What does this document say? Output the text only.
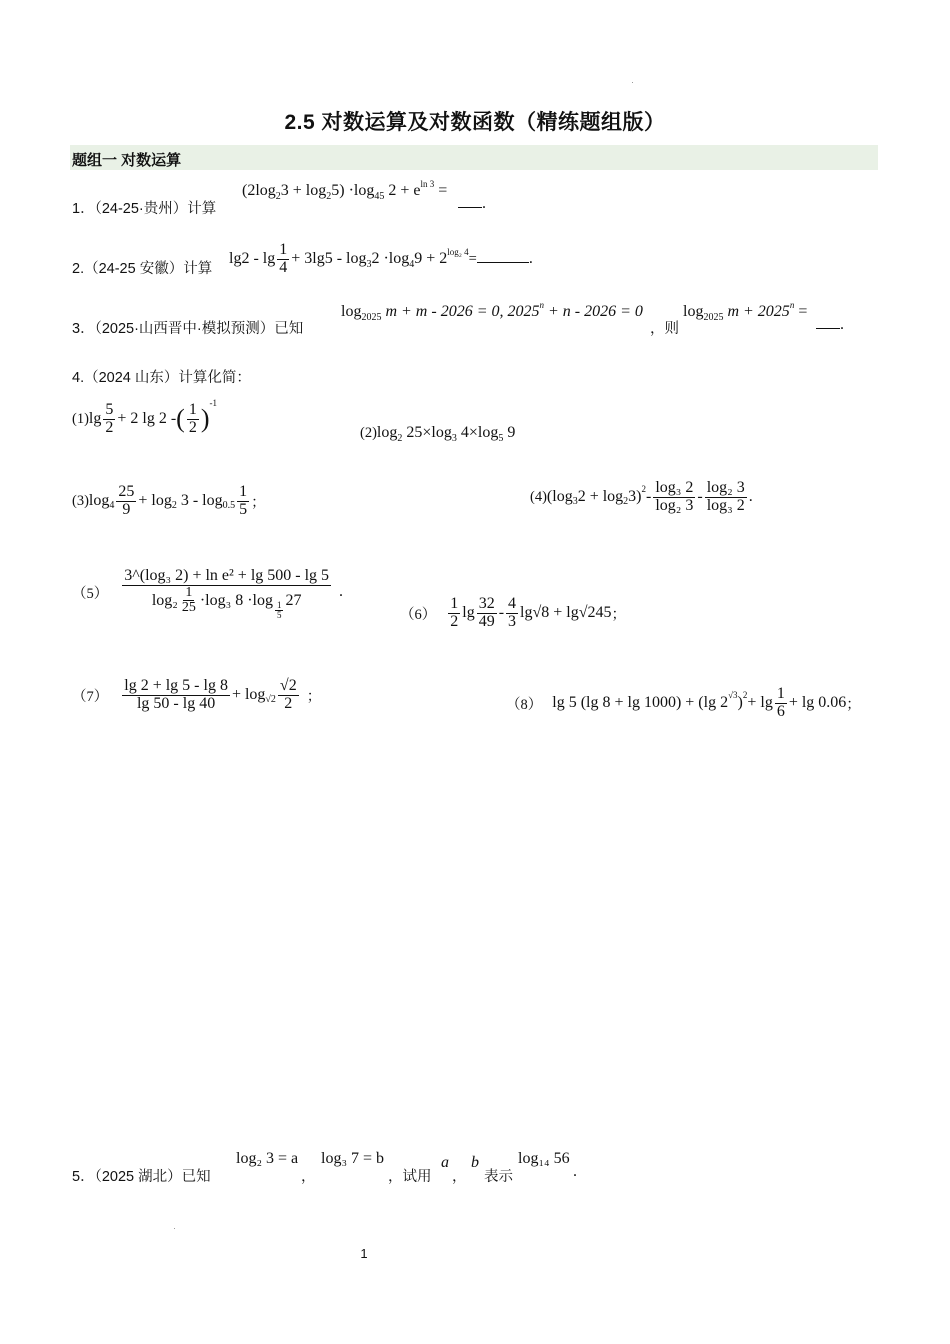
2.5 对数运算及对数函数（精练题组版）
题组一 对数运算
1．（24-25·贵州）计算
$(2\log_23 + \log_25) \cdot\log_{45}$ $2 + e^{ln 3}$ =
.
2.（24-25 安徽）计算
$\lg 2 - \lg \frac{1}{4} + 3\lg 5 - \log_32 \cdot\log_49 + 2^{log_2 4}=$	.
3．（2025·山西晋中·模拟预测）已知
$\log_{2025} m + m - 2026 = 0$, $2025^n + n - 2026 = 0$
，则
$\log_{2025} m + 2025^n$ =
.
4.（2024 山东）计算化简：
(1) $\lg \frac{5}{2} + 2$ lg 2 - ( $\frac{1}{2}$ )
-1
$(2)\log_2$ $25\times\log_3$ $4\times\log_5$ 9
(3) $\log 4 \frac{25}{9} + \log 2$
$3 - \log 0.5 \frac{1}{5}$ ；	(4) (log 3 2 + log 2 3) $2 - \frac{\text{log₃ 2}}{\text{log₂ 3}} - \frac{\text{log₂ 3}}{\text{log₃ 2}}$ .
（5） 3^(log₃ 2) + ln e² + lg 500 - lg 5
$\log_2 \frac{1}{25} \cdot\log_3$ 8 ·log
$\frac{1}{5}$
27 .
$(6) \frac{1}{2}$ $\lg \frac{32}{49} - \frac{4}{3} \lg√8 + \lg√245$ ；
$(7) \frac{\lg 2 + \lg 5 - \lg 8}{\lg 50 - \lg 40} + \log √2 \frac{√2}{2}$ ；	（8） lg 5 (lg 8 + lg 1000) + (lg 2 √3 ) $2 + \lg \frac{1}{6} + \lg 0.06$ ；
5．（2025 湖北）已知
log₂ 3 = a
，
log₃ 7 = b
，试用
a
，
b
表示
log₁₄ 56
.
1
